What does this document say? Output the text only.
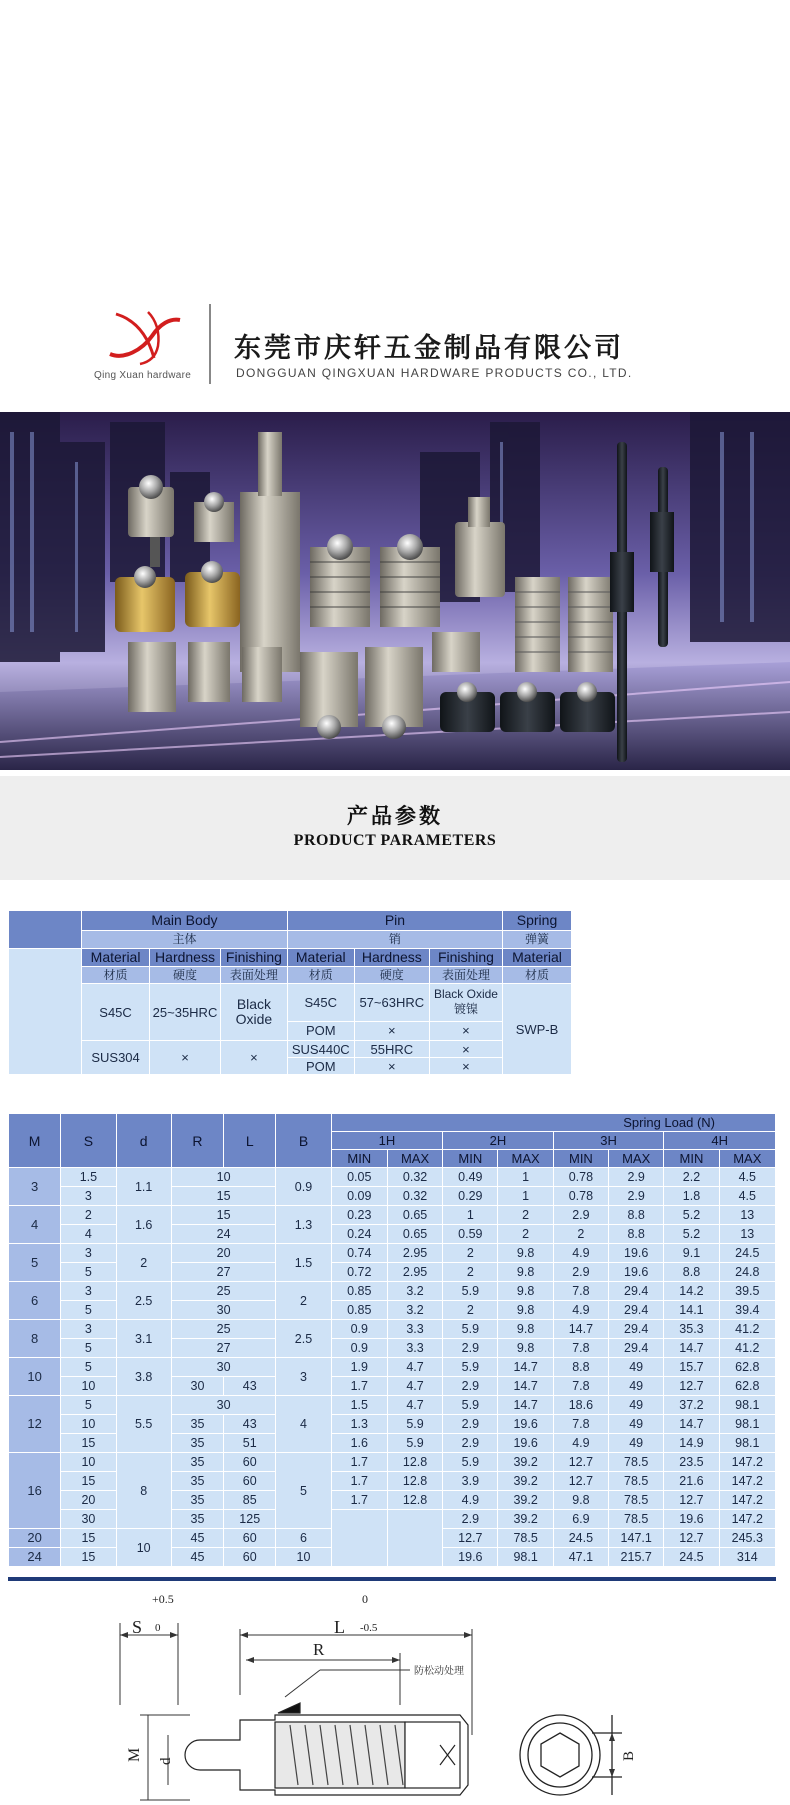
Qing Xuan hardware
东莞市庆轩五金制品有限公司
DONGGUAN QINGXUAN HARDWARE PRODUCTS CO., LTD.
产品参数
PRODUCT PARAMETERS
	Main Body			Pin			Spring
	主体			销			弹簧
	Material	Hardness	Finishing	Material	Hardness	Finishing	Material
	材质	硬度	表面处理	材质	硬度	表面处理	材质
	S45C	25~35HRC	Black Oxide	S45C	57~63HRC	Black Oxide 镀镍	SWP-B
				POM	×	×	
	SUS304	×	×	SUS440C	55HRC	×	
				POM	×	×	
M	S	d	R	L	B	Spring Load (N)							
						1H		2H		3H		4H	
						MIN	MAX	MIN	MAX	MIN	MAX	MIN	MAX
3	1.5	1.1	10		0.9	0.05	0.32	0.49	1	0.78	2.9	2.2	4.5
	3		15			0.09	0.32	0.29	1	0.78	2.9	1.8	4.5
4	2	1.6	15		1.3	0.23	0.65	1	2	2.9	8.8	5.2	13
	4		24			0.24	0.65	0.59	2	2	8.8	5.2	13
5	3	2	20		1.5	0.74	2.95	2	9.8	4.9	19.6	9.1	24.5
	5		27			0.72	2.95	2	9.8	2.9	19.6	8.8	24.8
6	3	2.5	25		2	0.85	3.2	5.9	9.8	7.8	29.4	14.2	39.5
	5		30			0.85	3.2	2	9.8	4.9	29.4	14.1	39.4
8	3	3.1	25		2.5	0.9	3.3	5.9	9.8	14.7	29.4	35.3	41.2
	5		27			0.9	3.3	2.9	9.8	7.8	29.4	14.7	41.2
10	5	3.8	30		3	1.9	4.7	5.9	14.7	8.8	49	15.7	62.8
	10		30	43		1.7	4.7	2.9	14.7	7.8	49	12.7	62.8
12	5	5.5	30		4	1.5	4.7	5.9	14.7	18.6	49	37.2	98.1
	10		35	43		1.3	5.9	2.9	19.6	7.8	49	14.7	98.1
	15		35	51		1.6	5.9	2.9	19.6	4.9	49	14.9	98.1
16	10	8	35	60	5	1.7	12.8	5.9	39.2	12.7	78.5	23.5	147.2
	15		35	60		1.7	12.8	3.9	39.2	12.7	78.5	21.6	147.2
	20		35	85		1.7	12.8	4.9	39.2	9.8	78.5	12.7	147.2
	30		35	125				2.9	39.2	6.9	78.5	19.6	147.2
20	15	10	45	60	6			12.7	78.5	24.5	147.1	12.7	245.3
24	15		45	60	10			19.6	98.1	47.1	215.7	24.5	314
+0.5
0
S
0
-0.5
L
R
防松动处理
M d
B
